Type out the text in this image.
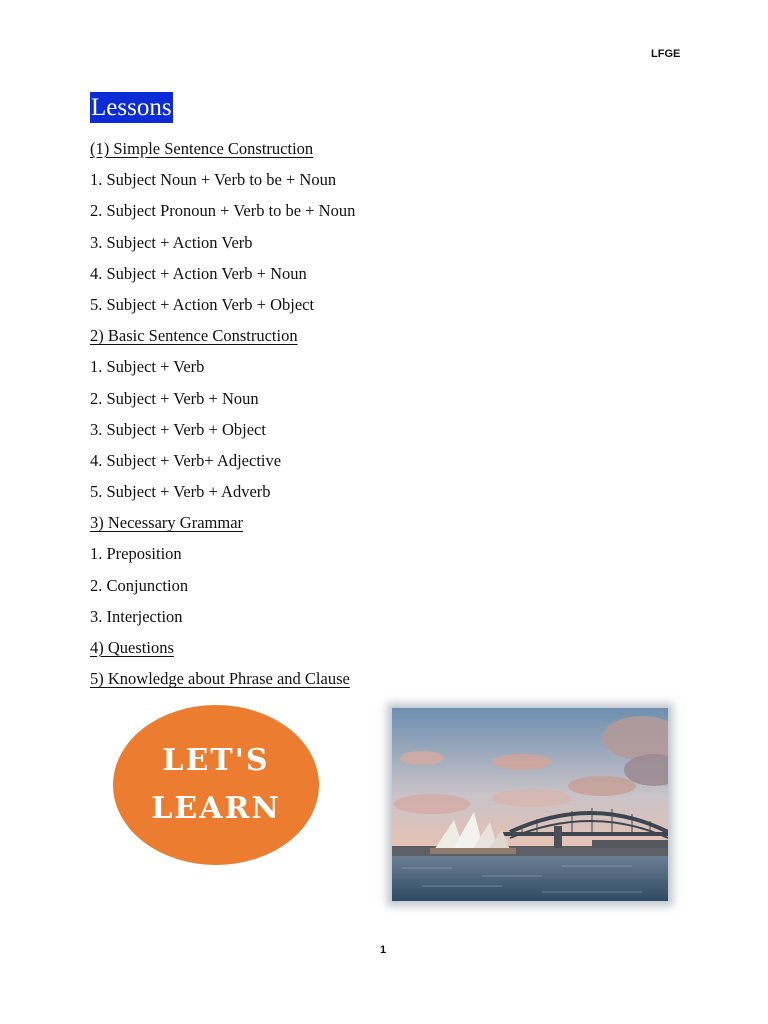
LFGE
Lessons
(1) Simple Sentence Construction
1. Subject Noun + Verb to be + Noun
2. Subject Pronoun + Verb to be + Noun
3. Subject + Action Verb
4. Subject + Action Verb + Noun
5. Subject + Action Verb + Object
2) Basic Sentence Construction
1. Subject + Verb
2. Subject + Verb + Noun
3. Subject + Verb + Object
4. Subject + Verb+ Adjective
5. Subject + Verb + Adverb
3) Necessary Grammar
1. Preposition
2. Conjunction
3. Interjection
4) Questions
5) Knowledge about Phrase and Clause
LET'S
LEARN
1
